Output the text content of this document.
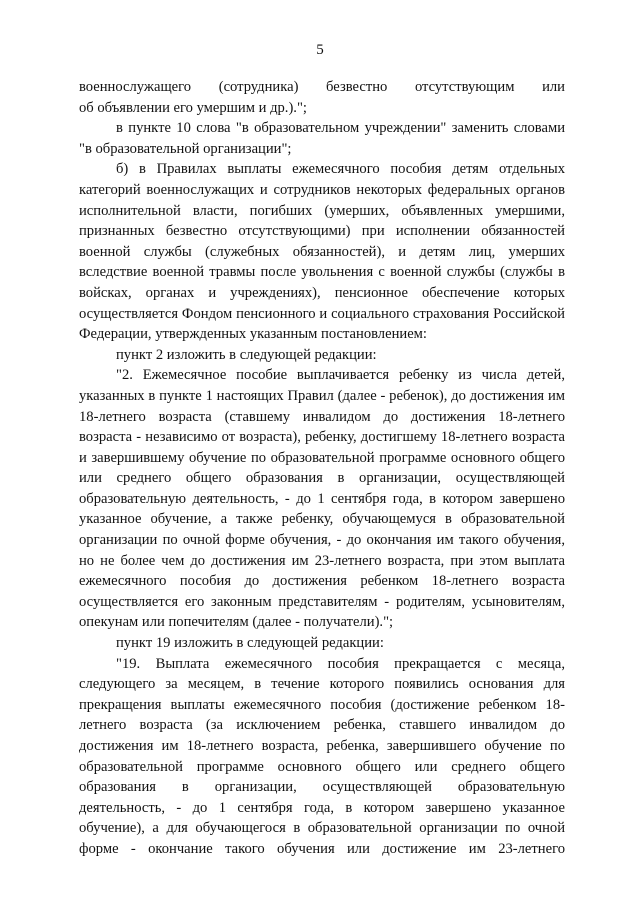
5

военнослужащего (сотрудника) безвестно отсутствующим или

об объявлении его умершим и др.).";

в пункте 10 слова "в образовательном учреждении" заменить словами "в образовательной организации";

б) в Правилах выплаты ежемесячного пособия детям отдельных категорий военнослужащих и сотрудников некоторых федеральных органов исполнительной власти, погибших (умерших, объявленных умершими, признанных безвестно отсутствующими) при исполнении обязанностей военной службы (служебных обязанностей), и детям лиц, умерших вследствие военной травмы после увольнения с военной службы (службы в войсках, органах и учреждениях), пенсионное обеспечение которых осуществляется Фондом пенсионного и социального страхования Российской Федерации, утвержденных указанным постановлением:

пункт 2 изложить в следующей редакции:

"2. Ежемесячное пособие выплачивается ребенку из числа детей, указанных в пункте 1 настоящих Правил (далее - ребенок), до достижения им 18-летнего возраста (ставшему инвалидом до достижения 18-летнего возраста - независимо от возраста), ребенку, достигшему 18-летнего возраста и завершившему обучение по образовательной программе основного общего или среднего общего образования в организации, осуществляющей образовательную деятельность, - до 1 сентября года, в котором завершено указанное обучение, а также ребенку, обучающемуся в образовательной организации по очной форме обучения, - до окончания им такого обучения, но не более чем до достижения им 23-летнего возраста, при этом выплата ежемесячного пособия до достижения ребенком 18-летнего возраста осуществляется его законным представителям - родителям, усыновителям, опекунам или попечителям (далее - получатели).";

пункт 19 изложить в следующей редакции:

"19. Выплата ежемесячного пособия прекращается с месяца, следующего за месяцем, в течение которого появились основания для прекращения выплаты ежемесячного пособия (достижение ребенком 18-летнего возраста (за исключением ребенка, ставшего инвалидом до достижения им 18-летнего возраста, ребенка, завершившего обучение по образовательной программе основного общего или среднего общего образования в организации, осуществляющей образовательную деятельность, - до 1 сентября года, в котором завершено указанное обучение), а для обучающегося в образовательной организации по очной форме - окончание такого обучения или достижение им 23-летнего
